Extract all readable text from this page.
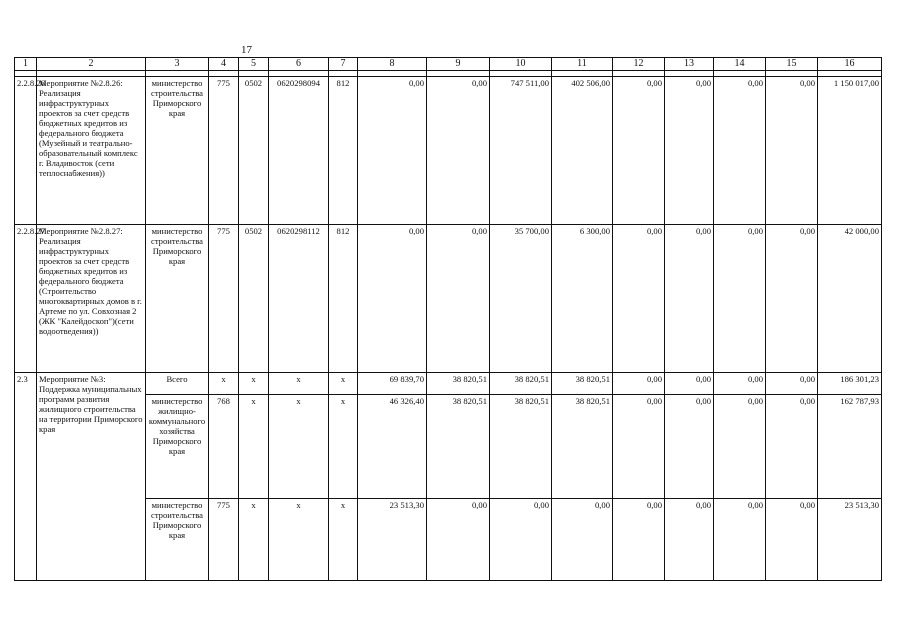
17
1	2	3	4	5	6	7	8	9	10	11	12	13	14	15	16

2.2.8.26	Мероприятие №2.8.26: Реализация инфраструктурных проектов за счет средств бюджетных кредитов из федерального бюджета (Музейный и театрально-образовательный комплекс г. Владивосток (сети теплоснабжения))	министерство строительства Приморского края	775	0502	0620298094	812	0,00	0,00	747 511,00	402 506,00	0,00	0,00	0,00	0,00	1 150 017,00
2.2.8.27	Мероприятие №2.8.27: Реализация инфраструктурных проектов за счет средств бюджетных кредитов из федерального бюджета (Строительство многоквартирных домов в г. Артеме по ул. Совхозная 2 (ЖК "Калейдоскоп")(сети водоотведения))	министерство строительства Приморского края	775	0502	0620298112	812	0,00	0,00	35 700,00	6 300,00	0,00	0,00	0,00	0,00	42 000,00
2.3	Мероприятие №3: Поддержка муниципальных программ развития жилищного строительства на территории Приморского края	Всего	x	x	x	x	69 839,70	38 820,51	38 820,51	38 820,51	0,00	0,00	0,00	0,00	186 301,23
		министерство жилищно-коммунального хозяйства Приморского края	768	x	x	x	46 326,40	38 820,51	38 820,51	38 820,51	0,00	0,00	0,00	0,00	162 787,93
		министерство строительства Приморского края	775	x	x	x	23 513,30	0,00	0,00	0,00	0,00	0,00	0,00	0,00	23 513,30
